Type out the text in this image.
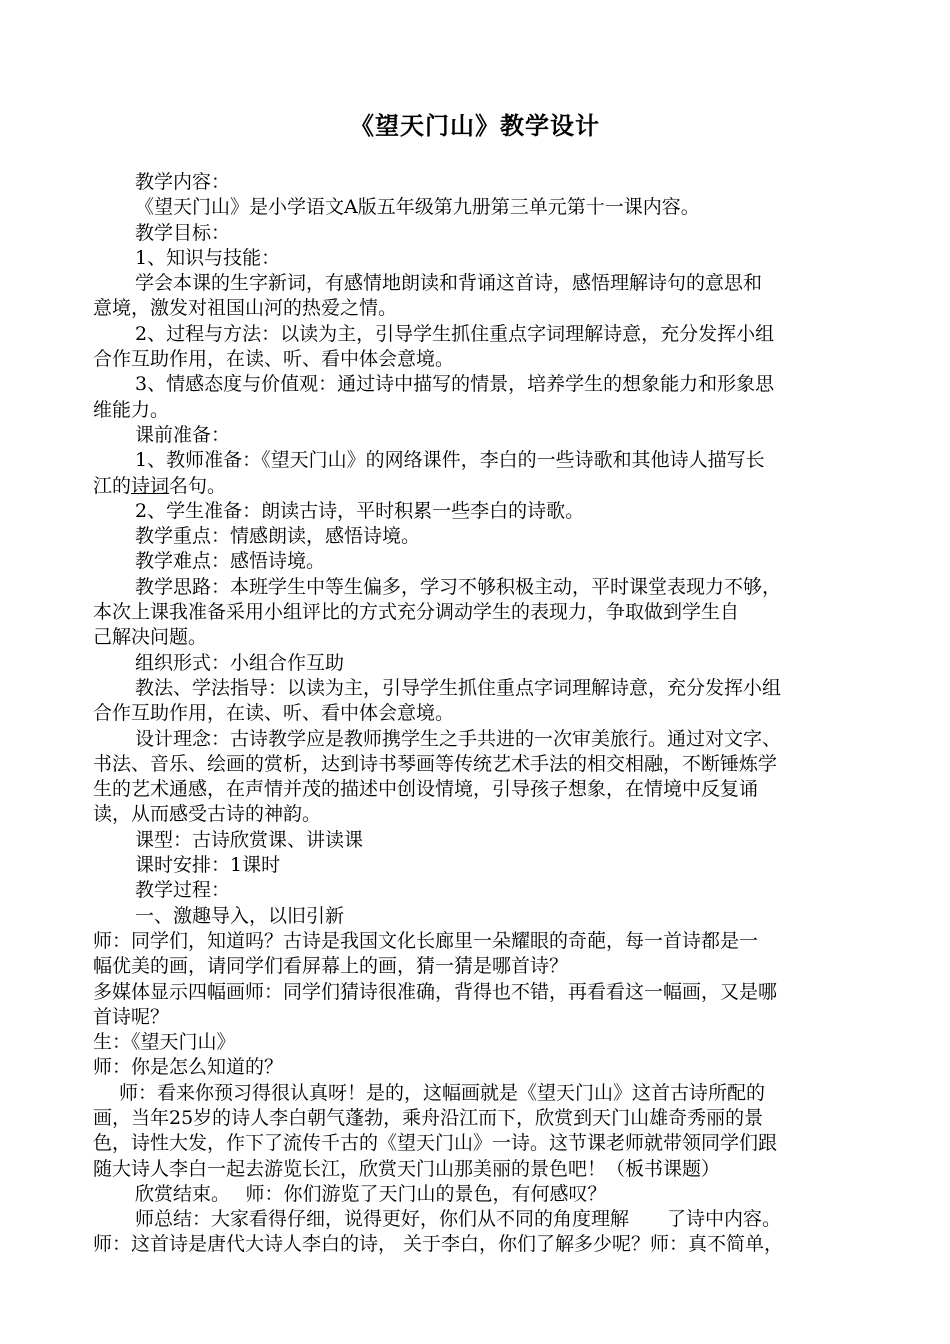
《望天门山》教学设计
教学内容：
《望天门山》是小学语文A版五年级第九册第三单元第十一课内容。
教学目标：
1、知识与技能：
学会本课的生字新词，有感情地朗读和背诵这首诗，感悟理解诗句的意思和
意境，激发对祖国山河的热爱之情。
2、过程与方法：以读为主，引导学生抓住重点字词理解诗意，充分发挥小组
合作互助作用，在读、听、看中体会意境。
3、情感态度与价值观：通过诗中描写的情景，培养学生的想象能力和形象思
维能力。
课前准备：
1、教师准备：《望天门山》的网络课件，李白的一些诗歌和其他诗人描写长
江的诗词名句。
2、学生准备：朗读古诗，平时积累一些李白的诗歌。
教学重点：情感朗读，感悟诗境。
教学难点：感悟诗境。
教学思路：本班学生中等生偏多，学习不够积极主动，平时课堂表现力不够，
本次上课我准备采用小组评比的方式充分调动学生的表现力，争取做到学生自
己解决问题。
组织形式：小组合作互助
教法、学法指导：以读为主，引导学生抓住重点字词理解诗意，充分发挥小组
合作互助作用，在读、听、看中体会意境。
设计理念：古诗教学应是教师携学生之手共进的一次审美旅行。通过对文字、
书法、音乐、绘画的赏析，达到诗书琴画等传统艺术手法的相交相融，不断锤炼学
生的艺术通感，在声情并茂的描述中创设情境，引导孩子想象，在情境中反复诵
读，从而感受古诗的神韵。
课型：古诗欣赏课、讲读课
课时安排：1课时
教学过程：
一、激趣导入，以旧引新
师：同学们，知道吗？古诗是我国文化长廊里一朵耀眼的奇葩，每一首诗都是一
幅优美的画，请同学们看屏幕上的画，猜一猜是哪首诗？
多媒体显示四幅画师：同学们猜诗很准确，背得也不错，再看看这一幅画，又是哪
首诗呢？
生：《望天门山》
师：你是怎么知道的？
师：看来你预习得很认真呀！是的，这幅画就是《望天门山》这首古诗所配的
画，当年25岁的诗人李白朝气蓬勃，乘舟沿江而下，欣赏到天门山雄奇秀丽的景
色，诗性大发，作下了流传千古的《望天门山》一诗。这节课老师就带领同学们跟
随大诗人李白一起去游览长江，欣赏天门山那美丽的景色吧！（板书课题）
欣赏结束。　 师：你们游览了天门山的景色，有何感叹？
师总结：大家看得仔细，说得更好，你们从不同的角度理解　　了诗中内容。
师：这首诗是唐代大诗人李白的诗， 关于李白，你们了解多少呢？师：真不简单，
